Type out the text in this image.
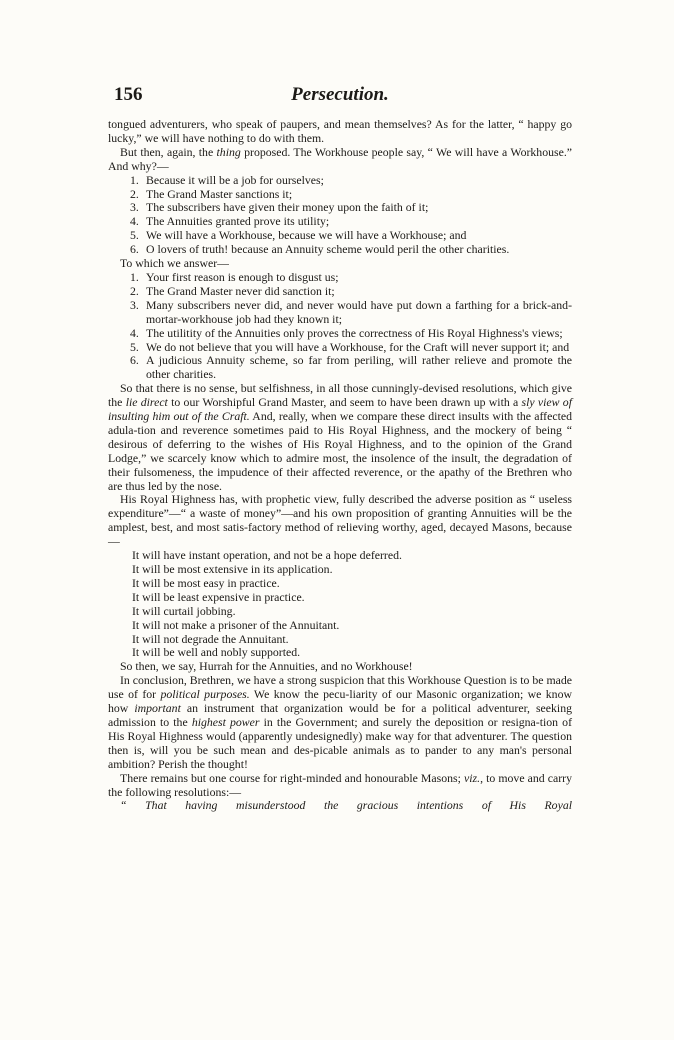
156	Persecution.

tongued adventurers, who speak of paupers, and mean themselves? As for the latter, “ happy go lucky,” we will have nothing to do with them.

But then, again, the thing proposed. The Workhouse people say, “ We will have a Workhouse.” And why?—

1. Because it will be a job for ourselves;
2. The Grand Master sanctions it;
3. The subscribers have given their money upon the faith of it;
4. The Annuities granted prove its utility;
5. We will have a Workhouse, because we will have a Workhouse; and
6. O lovers of truth! because an Annuity scheme would peril the other charities.

To which we answer—

1. Your first reason is enough to disgust us;
2. The Grand Master never did sanction it;
3. Many subscribers never did, and never would have put down a farthing for a brick-and-mortar-workhouse job had they known it;
4. The utilitity of the Annuities only proves the correctness of His Royal Highness's views;
5. We do not believe that you will have a Workhouse, for the Craft will never support it; and
6. A judicious Annuity scheme, so far from periling, will rather relieve and promote the other charities.

So that there is no sense, but selfishness, in all those cunningly-devised resolutions, which give the lie direct to our Worshipful Grand Master, and seem to have been drawn up with a sly view of insulting him out of the Craft. And, really, when we compare these direct insults with the affected adula-tion and reverence sometimes paid to His Royal Highness, and the mockery of being “ desirous of deferring to the wishes of His Royal Highness, and to the opinion of the Grand Lodge,” we scarcely know which to admire most, the insolence of the insult, the degradation of their fulsomeness, the impudence of their affected reverence, or the apathy of the Brethren who are thus led by the nose.

His Royal Highness has, with prophetic view, fully described the adverse position as “ useless expenditure”—“ a waste of money”—and his own proposition of granting Annuities will be the amplest, best, and most satis-factory method of relieving worthy, aged, decayed Masons, because—

It will have instant operation, and not be a hope deferred.
It will be most extensive in its application.
It will be most easy in practice.
It will be least expensive in practice.
It will curtail jobbing.
It will not make a prisoner of the Annuitant.
It will not degrade the Annuitant.
It will be well and nobly supported.

So then, we say, Hurrah for the Annuities, and no Workhouse!

In conclusion, Brethren, we have a strong suspicion that this Workhouse Question is to be made use of for political purposes. We know the pecu-liarity of our Masonic organization; we know how important an instrument that organization would be for a political adventurer, seeking admission to the highest power in the Government; and surely the deposition or resigna-tion of His Royal Highness would (apparently undesignedly) make way for that adventurer. The question then is, will you be such mean and des-picable animals as to pander to any man's personal ambition? Perish the thought!

There remains but one course for right-minded and honourable Masons; viz., to move and carry the following resolutions:—

“ That having misunderstood the gracious intentions of His Royal
